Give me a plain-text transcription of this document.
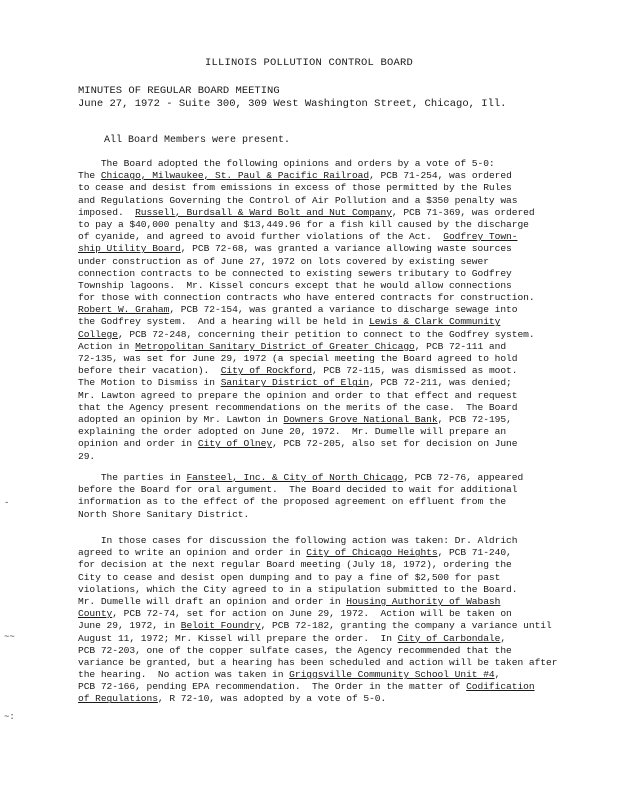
ILLINOIS POLLUTION CONTROL BOARD
MINUTES OF REGULAR BOARD MEETING
June 27, 1972 - Suite 300, 309 West Washington Street, Chicago, Ill.
All Board Members were present.
The Board adopted the following opinions and orders by a vote of 5-0:
The Chicago, Milwaukee, St. Paul & Pacific Railroad, PCB 71-254, was ordered
to cease and desist from emissions in excess of those permitted by the Rules
and Regulations Governing the Control of Air Pollution and a $350 penalty was
imposed.  Russell, Burdsall & Ward Bolt and Nut Company, PCB 71-369, was ordered
to pay a $40,000 penalty and $13,449.96 for a fish kill caused by the discharge
of cyanide, and agreed to avoid further violations of the Act.  Godfrey Town-
ship Utility Board, PCB 72-68, was granted a variance allowing waste sources
under construction as of June 27, 1972 on lots covered by existing sewer
connection contracts to be connected to existing sewers tributary to Godfrey
Township lagoons.  Mr. Kissel concurs except that he would allow connections
for those with connection contracts who have entered contracts for construction.
Robert W. Graham, PCB 72-154, was granted a variance to discharge sewage into
the Godfrey system.  And a hearing will be held in Lewis & Clark Community
College, PCB 72-248, concerning their petition to connect to the Godfrey system.
Action in Metropolitan Sanitary District of Greater Chicago, PCB 72-111 and
72-135, was set for June 29, 1972 (a special meeting the Board agreed to hold
before their vacation).  City of Rockford, PCB 72-115, was dismissed as moot.
The Motion to Dismiss in Sanitary District of Elgin, PCB 72-211, was denied;
Mr. Lawton agreed to prepare the opinion and order to that effect and request
that the Agency present recommendations on the merits of the case.  The Board
adopted an opinion by Mr. Lawton in Downers Grove National Bank, PCB 72-195,
explaining the order adopted on June 20, 1972.  Mr. Dumelle will prepare an
opinion and order in City of Olney, PCB 72-205, also set for decision on June
29.
The parties in Fansteel, Inc. & City of North Chicago, PCB 72-76, appeared
before the Board for oral argument.  The Board decided to wait for additional
information as to the effect of the proposed agreement on effluent from the
North Shore Sanitary District.
In those cases for discussion the following action was taken: Dr. Aldrich
agreed to write an opinion and order in City of Chicago Heights, PCB 71-240,
for decision at the next regular Board meeting (July 18, 1972), ordering the
City to cease and desist open dumping and to pay a fine of $2,500 for past
violations, which the City agreed to in a stipulation submitted to the Board.
Mr. Dumelle will draft an opinion and order in Housing Authority of Wabash
County, PCB 72-74, set for action on June 29, 1972.  Action will be taken on
June 29, 1972, in Beloit Foundry, PCB 72-182, granting the company a variance until
August 11, 1972; Mr. Kissel will prepare the order.  In City of Carbondale,
PCB 72-203, one of the copper sulfate cases, the Agency recommended that the
variance be granted, but a hearing has been scheduled and action will be taken after
the hearing.  No action was taken in Griggsville Community School Unit #4,
PCB 72-166, pending EPA recommendation.  The Order in the matter of Codification
of Regulations, R 72-10, was adopted by a vote of 5-0.
-
~~
~:
